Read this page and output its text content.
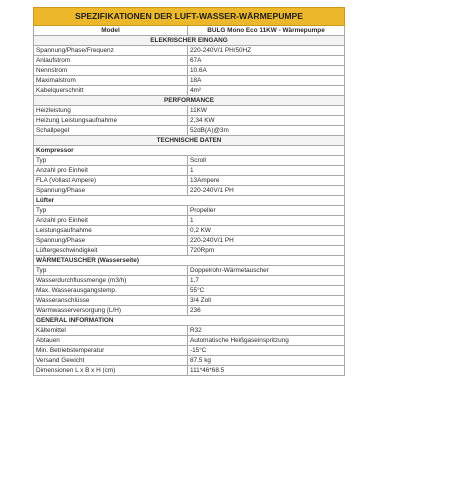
SPEZIFIKATIONEN DER LUFT-WASSER-WÄRMEPUMPE	
Model	BULG Mono Eco 11KW - Wärmepumpe
ELEKRISCHER EINGANG	
Spannung/Phase/Frequenz	220-240V/1 PH/50HZ
Anlaufstrom	67A
Nennstrom	10.6A
Maximalstrom	18A
Kabelquerschnitt	4m²
PERFORMANCE	
Heizleistung	11KW
Heizung Leistungsaufnahme	2,34 KW
Schallpegel	52dB(A)@3m
TECHNISCHE DATEN	
Kompressor	
Typ	Scroll
Anzahl pro Einheit	1
FLA (Vollast Ampere)	13Ampere
Spannung/Phase	220-240V/1 PH
Lüfter	
Typ	Propeller
Anzahl pro Einheit	1
Leistungsaufnahme	0,2 KW
Spannung/Phase	220-240V/1 PH
Lüftergeschwindigkeit	720Rpm
WÄRMETAUSCHER (Wasserseite)	
Typ	Doppelrohr-Wärmetauscher
Wasserdurchflussmenge (m3/h)	1,7
Max. Wasserausgangstemp.	55°C
Wasseranschlüsse	3/4 Zoll
Warmwasserversorgung (L/H)	236
GENERAL INFORMATION	
Kältemittel	R32
Abtauen	Automatische Heißgaseinspritzung
Min. Betriebstemperatur	-15°C
Versand Gewicht	87.5 kg
Dimensionen L x B x H (cm)	111*46*68.5
